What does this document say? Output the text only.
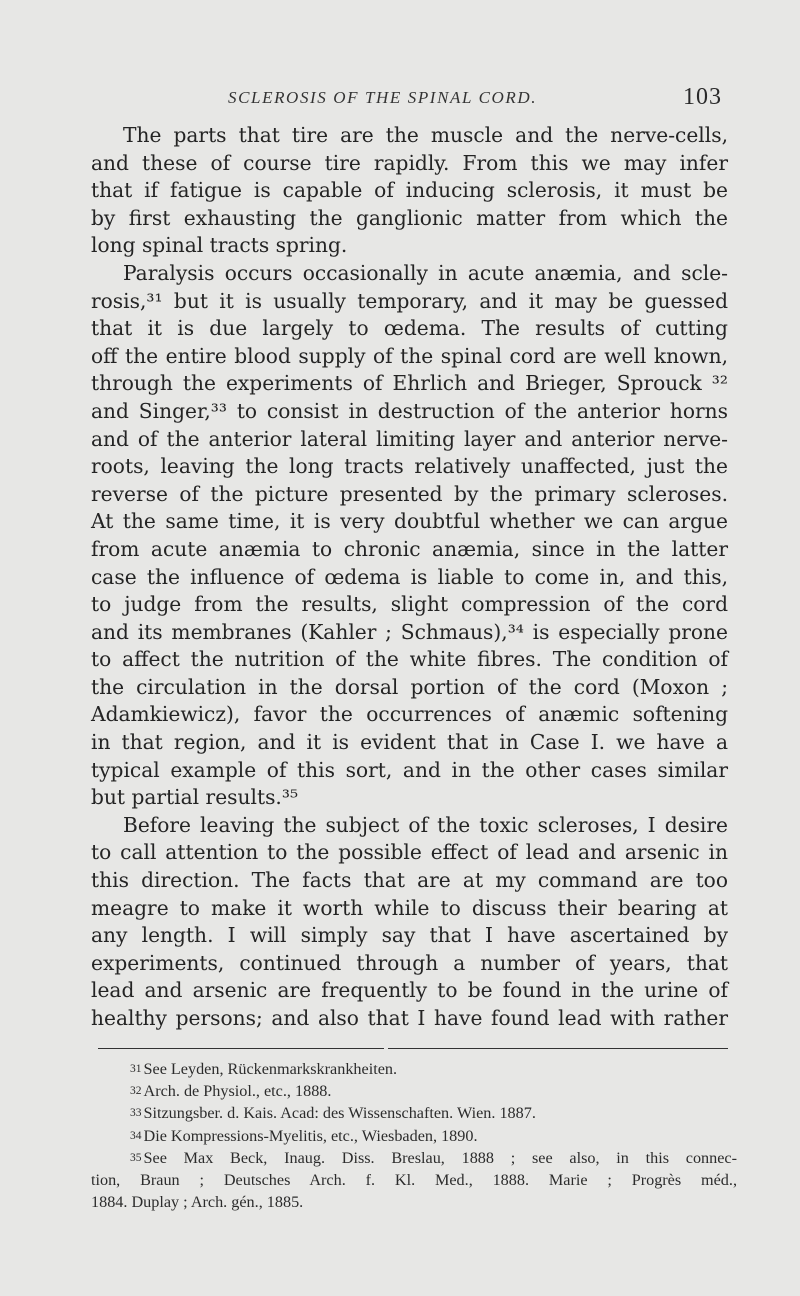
SCLEROSIS OF THE SPINAL CORD.	103
The parts that tire are the muscle and the nerve-cells,
and these of course tire rapidly. From this we may infer
that if fatigue is capable of inducing sclerosis, it must be
by first exhausting the ganglionic matter from which the
long spinal tracts spring.
Paralysis occurs occasionally in acute anæmia, and scle-
rosis,³¹ but it is usually temporary, and it may be guessed
that it is due largely to œdema. The results of cutting
off the entire blood supply of the spinal cord are well known,
through the experiments of Ehrlich and Brieger, Sprouck ³²
and Singer,³³ to consist in destruction of the anterior horns
and of the anterior lateral limiting layer and anterior nerve-
roots, leaving the long tracts relatively unaffected, just the
reverse of the picture presented by the primary scleroses.
At the same time, it is very doubtful whether we can argue
from acute anæmia to chronic anæmia, since in the latter
case the influence of œdema is liable to come in, and this,
to judge from the results, slight compression of the cord
and its membranes (Kahler ; Schmaus),³⁴ is especially prone
to affect the nutrition of the white fibres. The condition of
the circulation in the dorsal portion of the cord (Moxon ;
Adamkiewicz), favor the occurrences of anæmic softening
in that region, and it is evident that in Case I. we have a
typical example of this sort, and in the other cases similar
but partial results.³⁵
Before leaving the subject of the toxic scleroses, I desire
to call attention to the possible effect of lead and arsenic in
this direction. The facts that are at my command are too
meagre to make it worth while to discuss their bearing at
any length. I will simply say that I have ascertained by
experiments, continued through a number of years, that
lead and arsenic are frequently to be found in the urine of
healthy persons; and also that I have found lead with rather
31 See Leyden, Rückenmarkskrankheiten.
32 Arch. de Physiol., etc., 1888.
33 Sitzungsber. d. Kais. Acad: des Wissenschaften. Wien. 1887.
34 Die Kompressions-Myelitis, etc., Wiesbaden, 1890.
35 See Max Beck, Inaug. Diss. Breslau, 1888 ; see also, in this connec-
tion, Braun ; Deutsches Arch. f. Kl. Med., 1888. Marie ; Progrès méd.,
1884. Duplay ; Arch. gén., 1885.
